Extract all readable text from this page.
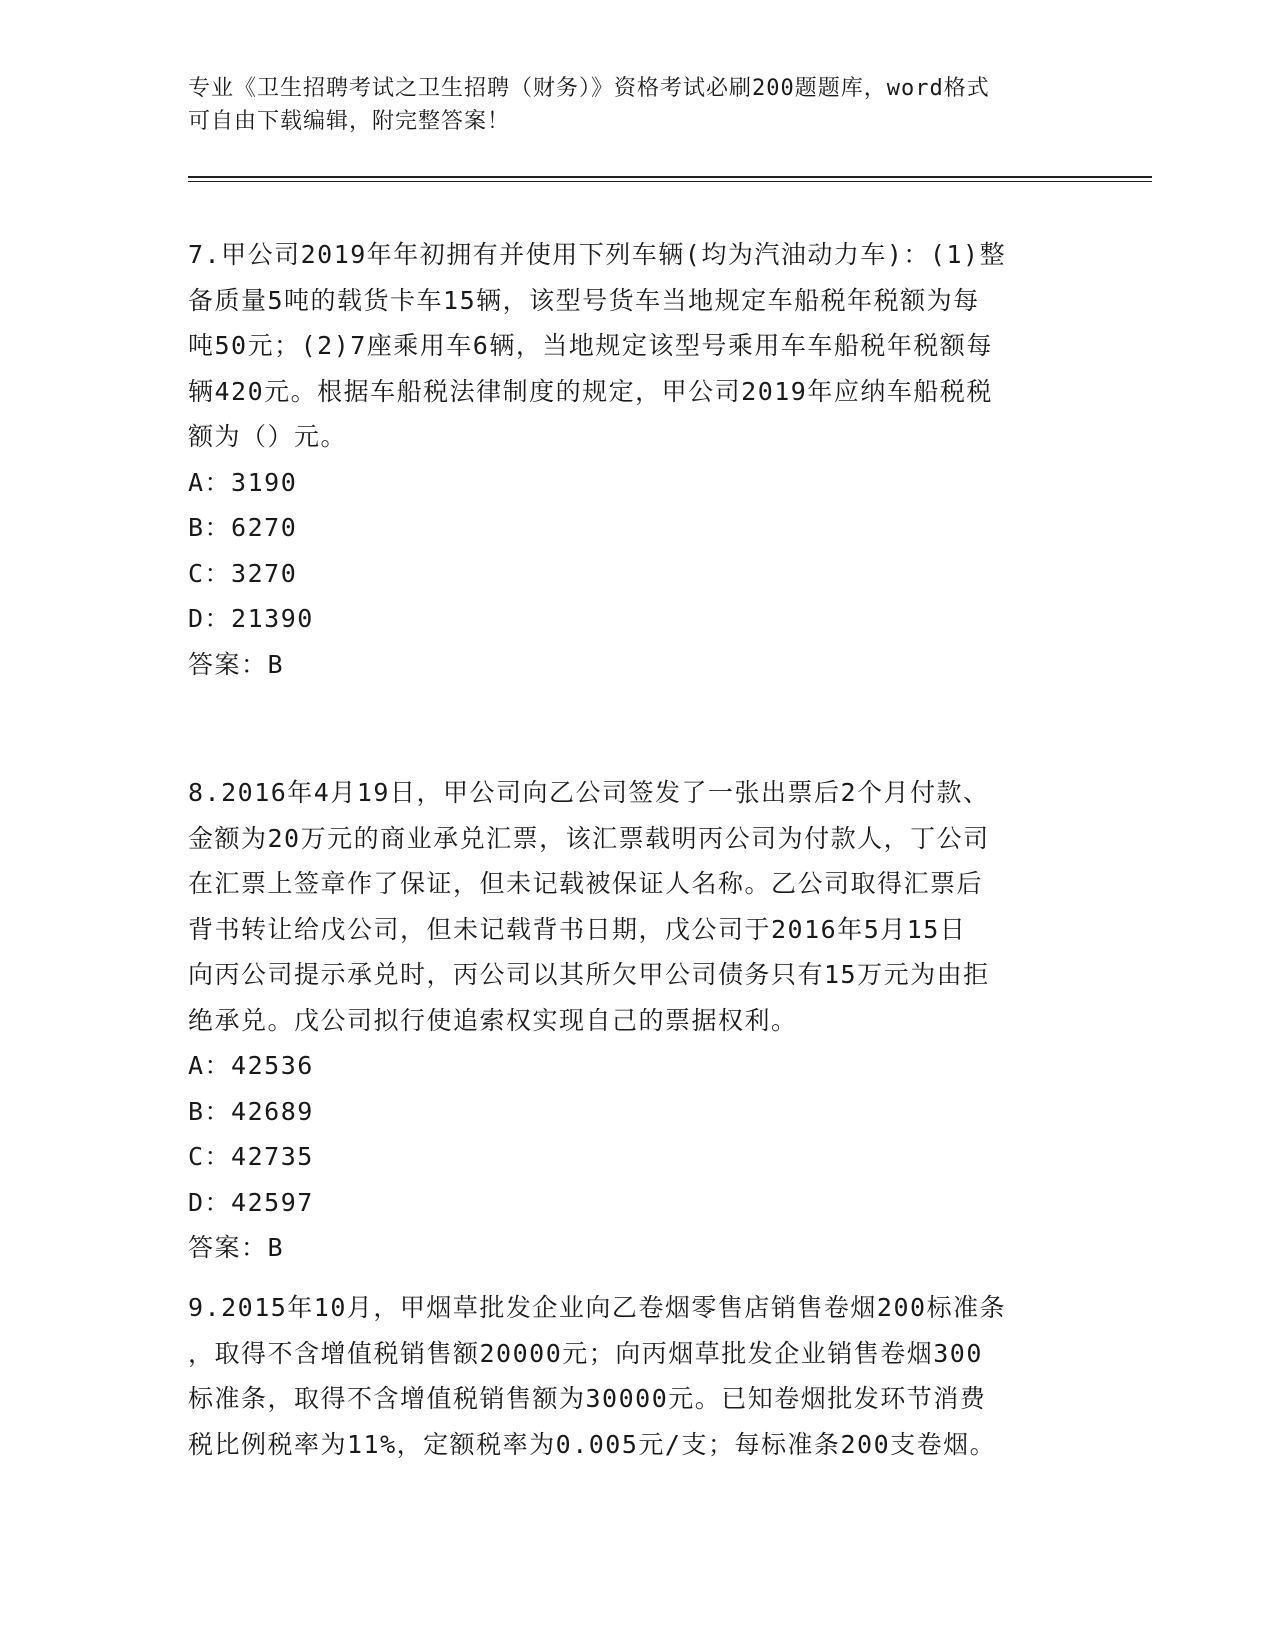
专业《卫生招聘考试之卫生招聘（财务）》资格考试必刷200题题库，word格式
可自由下载编辑，附完整答案！
7.甲公司2019年年初拥有并使用下列车辆(均为汽油动力车)：(1)整
备质量5吨的载货卡车15辆，该型号货车当地规定车船税年税额为每
吨50元；(2)7座乘用车6辆，当地规定该型号乘用车车船税年税额每
辆420元。根据车船税法律制度的规定，甲公司2019年应纳车船税税
额为（）元。
A：3190
B：6270
C：3270
D：21390
答案：B
8.2016年4月19日，甲公司向乙公司签发了一张出票后2个月付款、
金额为20万元的商业承兑汇票，该汇票载明丙公司为付款人，丁公司
在汇票上签章作了保证，但未记载被保证人名称。乙公司取得汇票后
背书转让给戊公司，但未记载背书日期，戊公司于2016年5月15日
向丙公司提示承兑时，丙公司以其所欠甲公司债务只有15万元为由拒
绝承兑。戊公司拟行使追索权实现自己的票据权利。
A：42536
B：42689
C：42735
D：42597
答案：B
9.2015年10月，甲烟草批发企业向乙卷烟零售店销售卷烟200标准条
，取得不含增值税销售额20000元；向丙烟草批发企业销售卷烟300
标准条，取得不含增值税销售额为30000元。已知卷烟批发环节消费
税比例税率为11%，定额税率为0.005元/支；每标准条200支卷烟。
